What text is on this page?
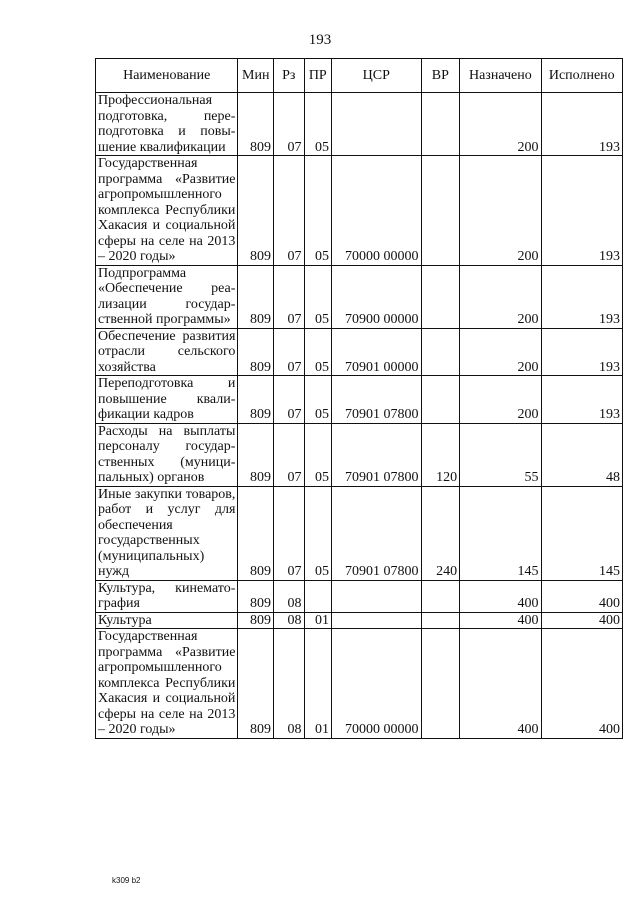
193
Наименование	Мин	Рз	ПР	ЦСР	ВР	Назначено	Исполнено
Профессиональная подготовка, переподготовка и повышение квалификации	809	07	05			200	193
Государственная программа «Развитие агропромышленного комплекса Республики Хакасия и социальной сферы на селе на 2013 – 2020 годы»	809	07	05	70000 00000		200	193
Подпрограмма «Обеспечение реализации государственной программы»	809	07	05	70900 00000		200	193
Обеспечение развития отрасли сельского хозяйства	809	07	05	70901 00000		200	193
Переподготовка и повышение квалификации кадров	809	07	05	70901 07800		200	193
Расходы на выплаты персоналу государственных (муниципальных) органов	809	07	05	70901 07800	120	55	48
Иные закупки товаров, работ и услуг для обеспечения государственных (муниципальных) нужд	809	07	05	70901 07800	240	145	145
Культура, кинематография	809	08				400	400
Культура	809	08	01			400	400
Государственная программа «Развитие агропромышленного комплекса Республики Хакасия и социальной сферы на селе на 2013 – 2020 годы»	809	08	01	70000 00000		400	400
k309 b2
